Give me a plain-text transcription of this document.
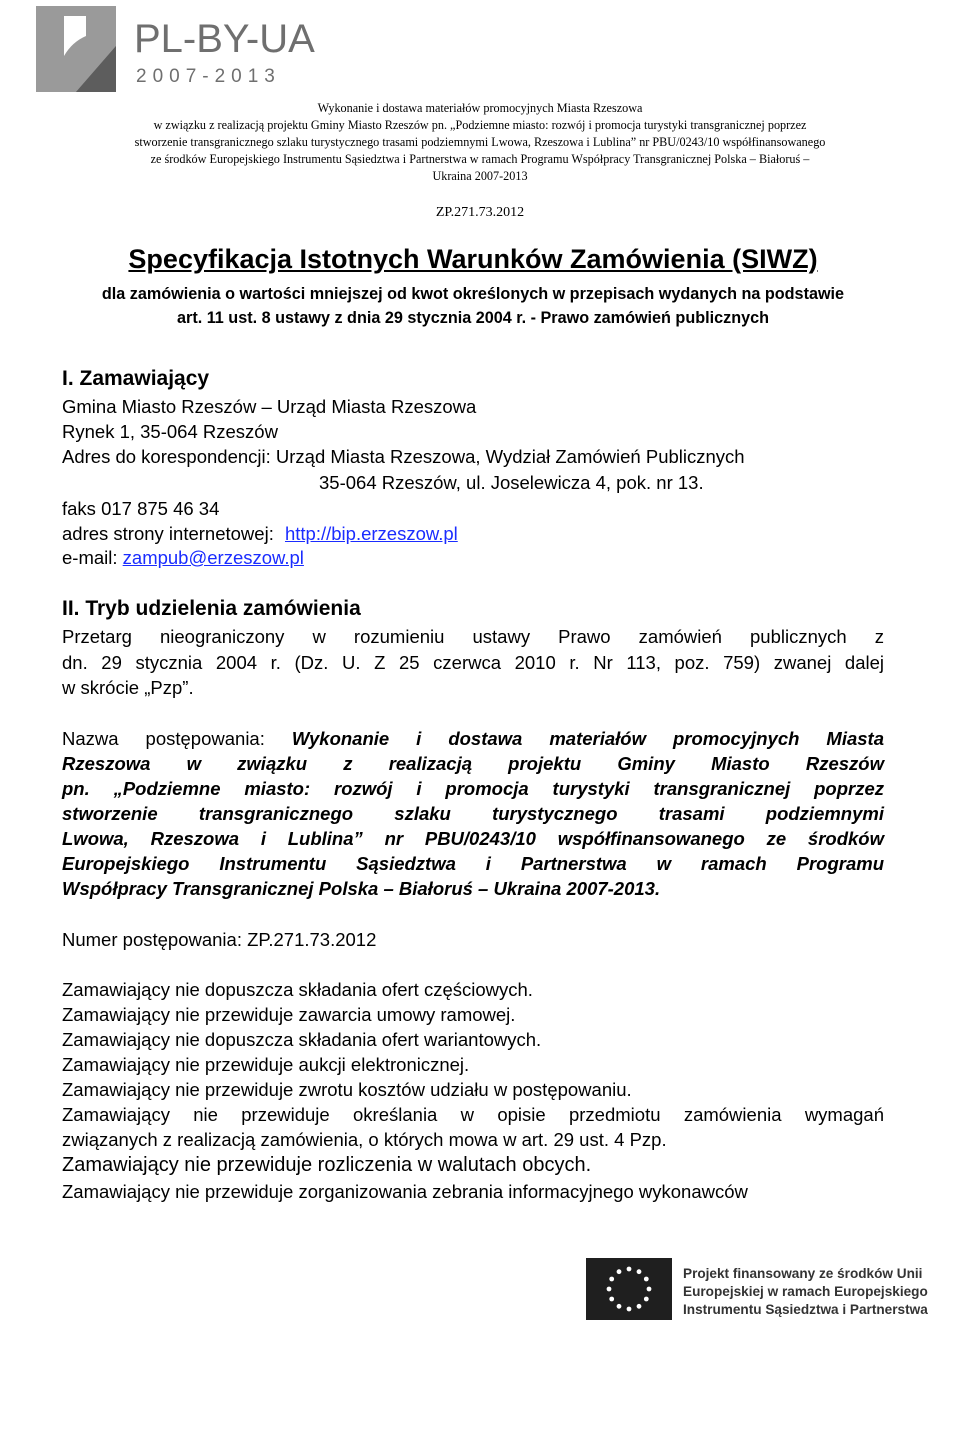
PL-BY-UA
2007-2013
Wykonanie i dostawa materiałów promocyjnych Miasta Rzeszowa
w związku z realizacją projektu Gminy Miasto Rzeszów pn. „Podziemne miasto: rozwój i promocja turystyki transgranicznej poprzez
stworzenie transgranicznego szlaku turystycznego trasami podziemnymi Lwowa, Rzeszowa i Lublina” nr PBU/0243/10 współfinansowanego
ze środków Europejskiego Instrumentu Sąsiedztwa i Partnerstwa w ramach Programu Współpracy Transgranicznej Polska – Białoruś –
Ukraina 2007-2013
ZP.271.73.2012
Specyfikacja Istotnych Warunków Zamówienia (SIWZ)
dla zamówienia o wartości mniejszej od kwot określonych w przepisach wydanych na podstawie
art. 11 ust. 8 ustawy z dnia 29 stycznia 2004 r. - Prawo zamówień publicznych
I. Zamawiający
Gmina Miasto Rzeszów – Urząd Miasta Rzeszowa
Rynek 1, 35-064 Rzeszów
Adres do korespondencji: Urząd Miasta Rzeszowa, Wydział Zamówień Publicznych
35-064 Rzeszów, ul. Joselewicza 4, pok. nr 13.
faks 017 875 46 34
adres strony internetowej: http://bip.erzeszow.pl
e-mail: zampub@erzeszow.pl
II. Tryb udzielenia zamówienia
Przetarg nieograniczony w rozumieniu ustawy Prawo zamówień publicznych z
dn. 29 stycznia 2004 r. (Dz. U. Z 25 czerwca 2010 r. Nr 113, poz. 759) zwanej dalej
w skrócie „Pzp”.
Nazwa postępowania: Wykonanie i dostawa materiałów promocyjnych Miasta
Rzeszowa w związku z realizacją projektu Gminy Miasto Rzeszów
pn. „Podziemne miasto: rozwój i promocja turystyki transgranicznej poprzez
stworzenie transgranicznego szlaku turystycznego trasami podziemnymi
Lwowa, Rzeszowa i Lublina” nr PBU/0243/10 współfinansowanego ze środków
Europejskiego Instrumentu Sąsiedztwa i Partnerstwa w ramach Programu
Współpracy Transgranicznej Polska – Białoruś – Ukraina 2007-2013.
Numer postępowania: ZP.271.73.2012
Zamawiający nie dopuszcza składania ofert częściowych.
Zamawiający nie przewiduje zawarcia umowy ramowej.
Zamawiający nie dopuszcza składania ofert wariantowych.
Zamawiający nie przewiduje aukcji elektronicznej.
Zamawiający nie przewiduje zwrotu kosztów udziału w postępowaniu.
Zamawiający nie przewiduje określania w opisie przedmiotu zamówienia wymagań
związanych z realizacją zamówienia, o których mowa w art. 29 ust. 4 Pzp.
Zamawiający nie przewiduje rozliczenia w walutach obcych.
Zamawiający nie przewiduje zorganizowania zebrania informacyjnego wykonawców
Projekt finansowany ze środków Unii
Europejskiej w ramach Europejskiego
Instrumentu Sąsiedztwa i Partnerstwa
